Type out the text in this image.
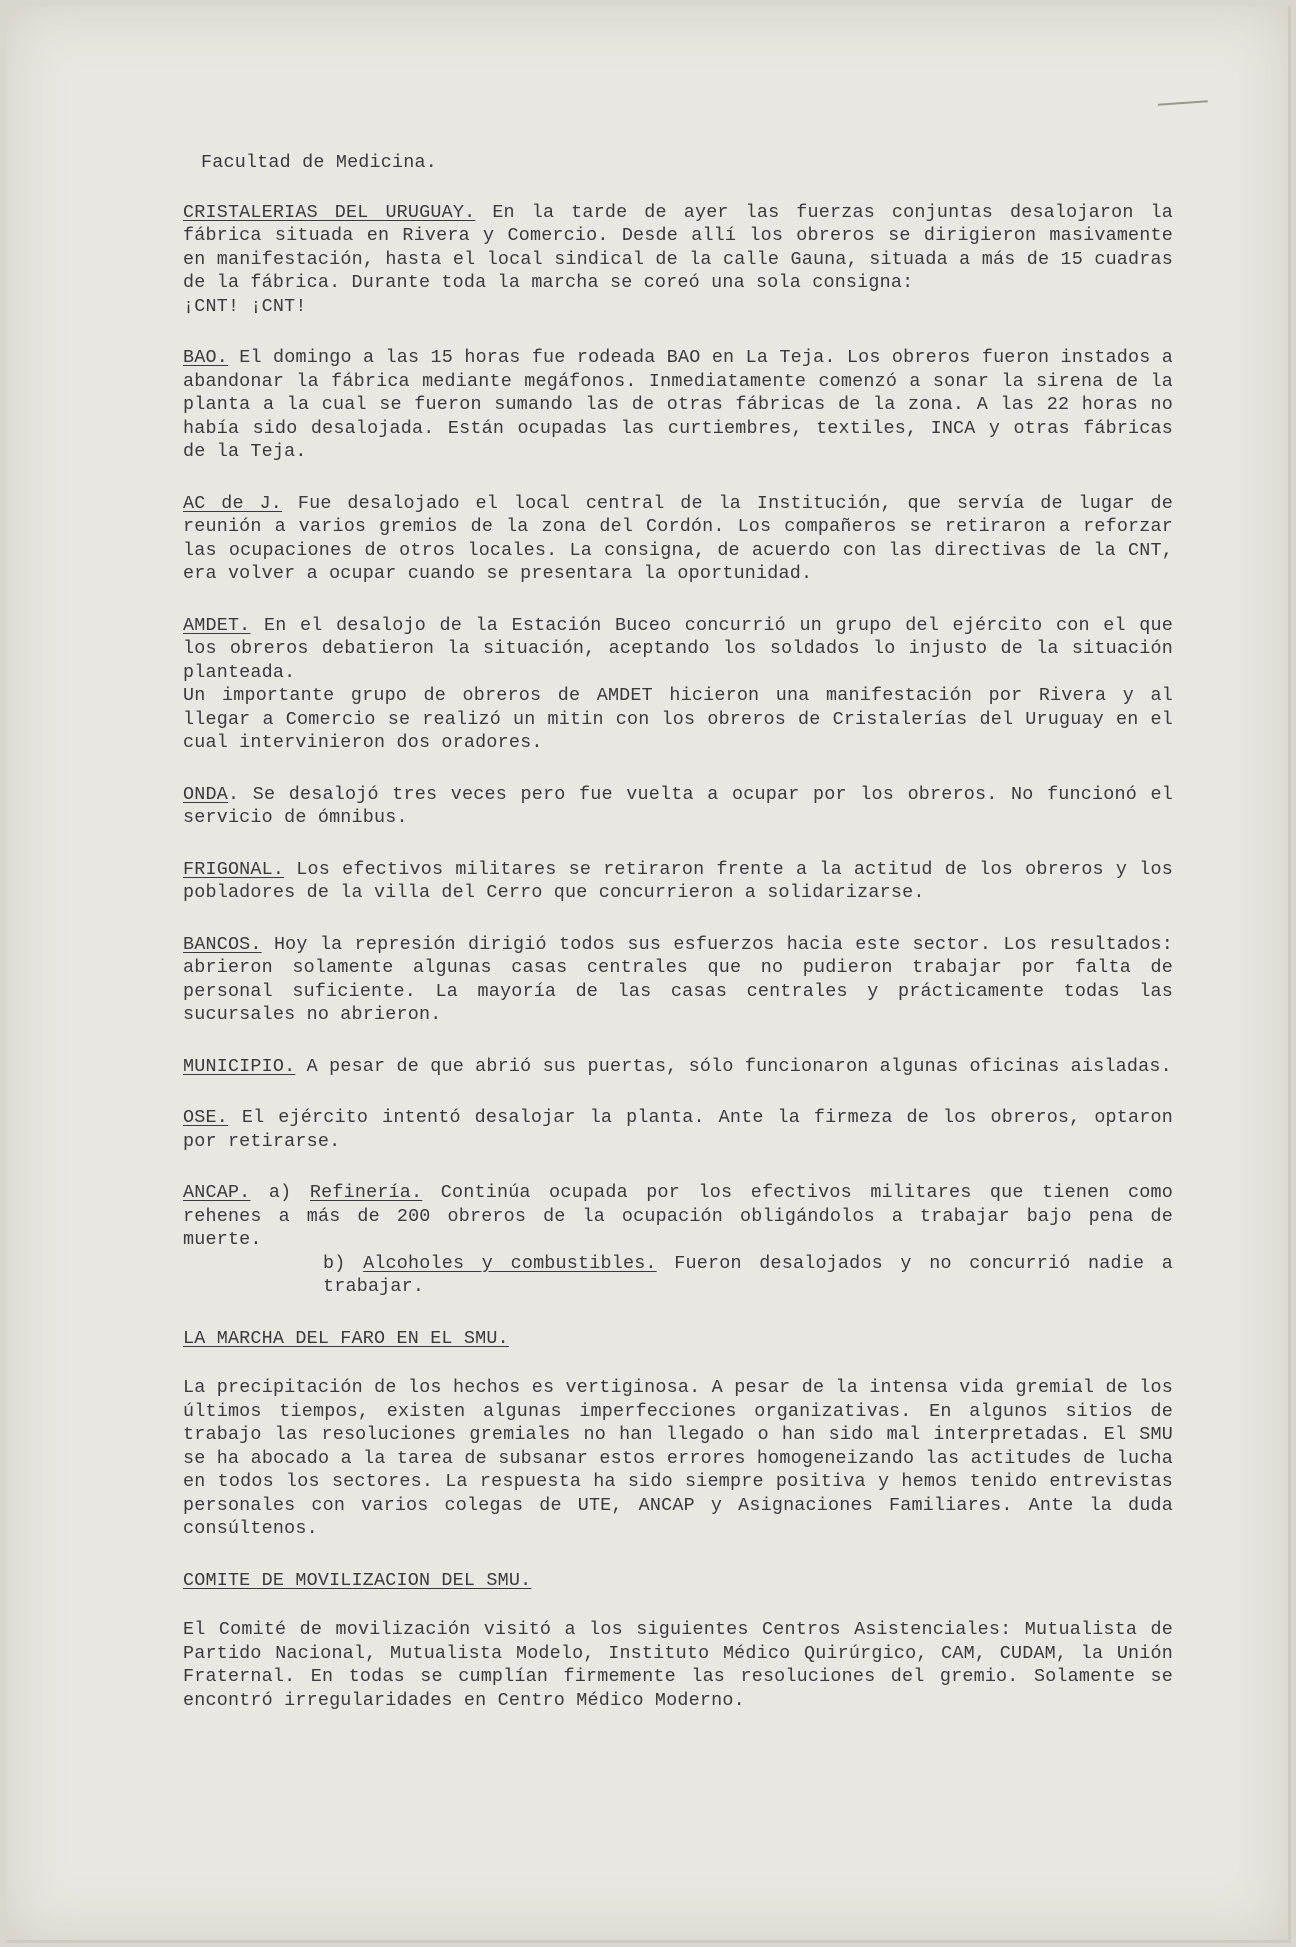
Facultad de Medicina.

CRISTALERIAS DEL URUGUAY. En la tarde de ayer las fuerzas conjuntas desalojaron la fábrica situada en Rivera y Comercio. Desde allí los obreros se dirigieron masivamente en manifestación, hasta el local sindical de la calle Gauna, situada a más de 15 cuadras de la fábrica. Durante toda la marcha se coreó una sola consigna:

¡CNT! ¡CNT!

BAO. El domingo a las 15 horas fue rodeada BAO en La Teja. Los obreros fueron instados a abandonar la fábrica mediante megáfonos. Inmediatamente comenzó a sonar la sirena de la planta a la cual se fueron sumando las de otras fábricas de la zona. A las 22 horas no había sido desalojada. Están ocupadas las curtiembres, textiles, INCA y otras fábricas de la Teja.

AC de J. Fue desalojado el local central de la Institución, que servía de lugar de reunión a varios gremios de la zona del Cordón. Los compañeros se retiraron a reforzar las ocupaciones de otros locales. La consigna, de acuerdo con las directivas de la CNT, era volver a ocupar cuando se presentara la oportunidad.

AMDET. En el desalojo de la Estación Buceo concurrió un grupo del ejército con el que los obreros debatieron la situación, aceptando los soldados lo injusto de la situación planteada.

Un importante grupo de obreros de AMDET hicieron una manifestación por Rivera y al llegar a Comercio se realizó un mitin con los obreros de Cristalerías del Uruguay en el cual intervinieron dos oradores.

ONDA. Se desalojó tres veces pero fue vuelta a ocupar por los obreros. No funcionó el servicio de ómnibus.

FRIGONAL. Los efectivos militares se retiraron frente a la actitud de los obreros y los pobladores de la villa del Cerro que concurrieron a solidarizarse.

BANCOS. Hoy la represión dirigió todos sus esfuerzos hacia este sector. Los resultados: abrieron solamente algunas casas centrales que no pudieron trabajar por falta de personal suficiente. La mayoría de las casas centrales y prácticamente todas las sucursales no abrieron.

MUNICIPIO. A pesar de que abrió sus puertas, sólo funcionaron algunas oficinas aisladas.

OSE. El ejército intentó desalojar la planta. Ante la firmeza de los obreros, optaron por retirarse.

ANCAP. a) Refinería. Continúa ocupada por los efectivos militares que tienen como rehenes a más de 200 obreros de la ocupación obligándolos a trabajar bajo pena de muerte.

b) Alcoholes y combustibles. Fueron desalojados y no concurrió nadie a trabajar.

LA MARCHA DEL FARO EN EL SMU.

La precipitación de los hechos es vertiginosa. A pesar de la intensa vida gremial de los últimos tiempos, existen algunas imperfecciones organizativas. En algunos sitios de trabajo las resoluciones gremiales no han llegado o han sido mal interpretadas. El SMU se ha abocado a la tarea de subsanar estos errores homogeneizando las actitudes de lucha en todos los sectores. La respuesta ha sido siempre positiva y hemos tenido entrevistas personales con varios colegas de UTE, ANCAP y Asignaciones Familiares. Ante la duda consúltenos.

COMITE DE MOVILIZACION DEL SMU.

El Comité de movilización visitó a los siguientes Centros Asistenciales: Mutualista de Partido Nacional, Mutualista Modelo, Instituto Médico Quirúrgico, CAM, CUDAM, la Unión Fraternal. En todas se cumplían firmemente las resoluciones del gremio. Solamente se encontró irregularidades en Centro Médico Moderno.
